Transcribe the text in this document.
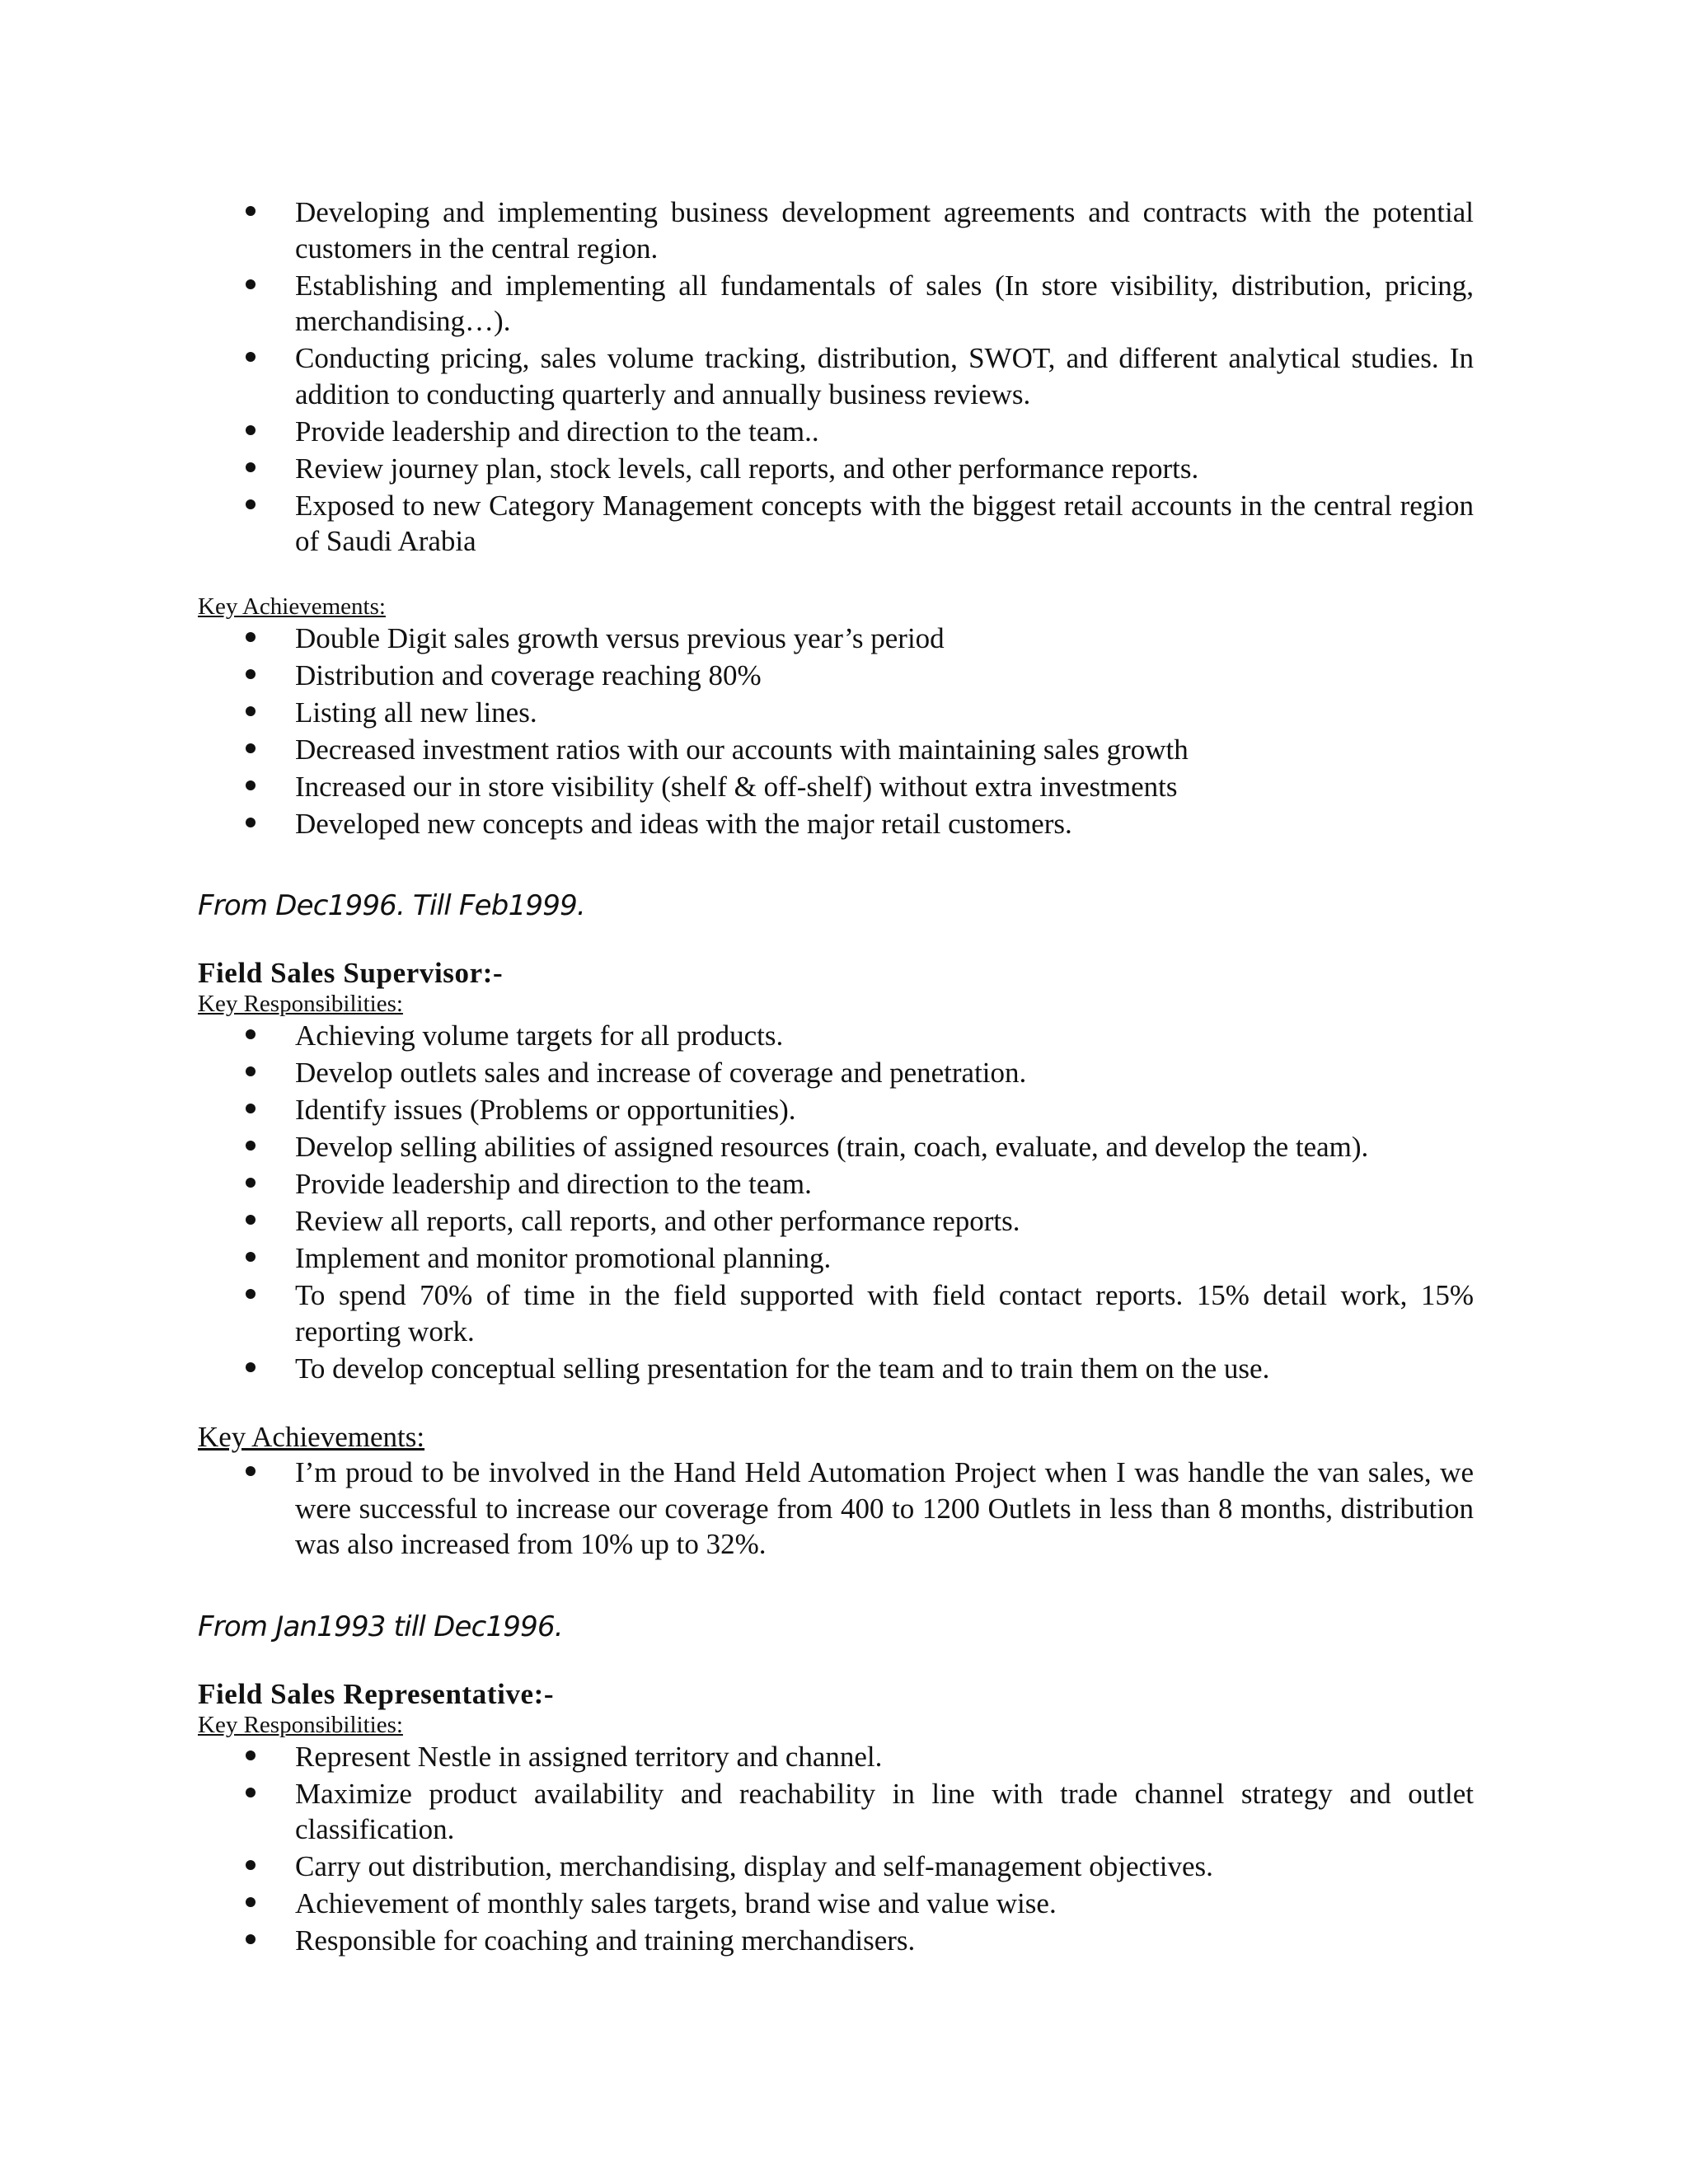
Developing and implementing business development agreements and contracts with the potential customers in the central region.
Establishing and implementing all fundamentals of sales (In store visibility, distribution, pricing, merchandising…).
Conducting pricing, sales volume tracking, distribution, SWOT, and different analytical studies. In addition to conducting quarterly and annually business reviews.
Provide leadership and direction to the team..
Review journey plan, stock levels, call reports, and other performance reports.
Exposed to new Category Management concepts with the biggest retail accounts in the central region of Saudi Arabia
Key Achievements:
Double Digit sales growth versus previous year’s period
Distribution and coverage reaching 80%
Listing all new lines.
Decreased investment ratios with our accounts with maintaining sales growth
Increased our in store visibility (shelf & off-shelf) without extra investments
Developed new concepts and ideas with the major retail customers.
From Dec1996. Till Feb1999.
Field Sales Supervisor:-
Key Responsibilities:
Achieving volume targets for all products.
Develop outlets sales and increase of coverage and penetration.
Identify issues (Problems or opportunities).
Develop selling abilities of assigned resources (train, coach, evaluate, and develop the team).
Provide leadership and direction to the team.
Review all reports, call reports, and other performance reports.
Implement and monitor promotional planning.
To spend 70% of time in the field supported with field contact reports. 15% detail work, 15% reporting work.
To develop conceptual selling presentation for the team and to train them on the use.
Key Achievements:
I’m proud to be involved in the Hand Held Automation Project when I was handle the van sales, we were successful to increase our coverage from 400 to 1200 Outlets in less than 8 months, distribution was also increased from 10% up to 32%.
From Jan1993 till Dec1996.
Field Sales Representative:-
Key Responsibilities:
Represent Nestle in assigned territory and channel.
Maximize product availability and reachability in line with trade channel strategy and outlet classification.
Carry out distribution, merchandising, display and self-management objectives.
Achievement of monthly sales targets, brand wise and value wise.
Responsible for coaching and training merchandisers.
